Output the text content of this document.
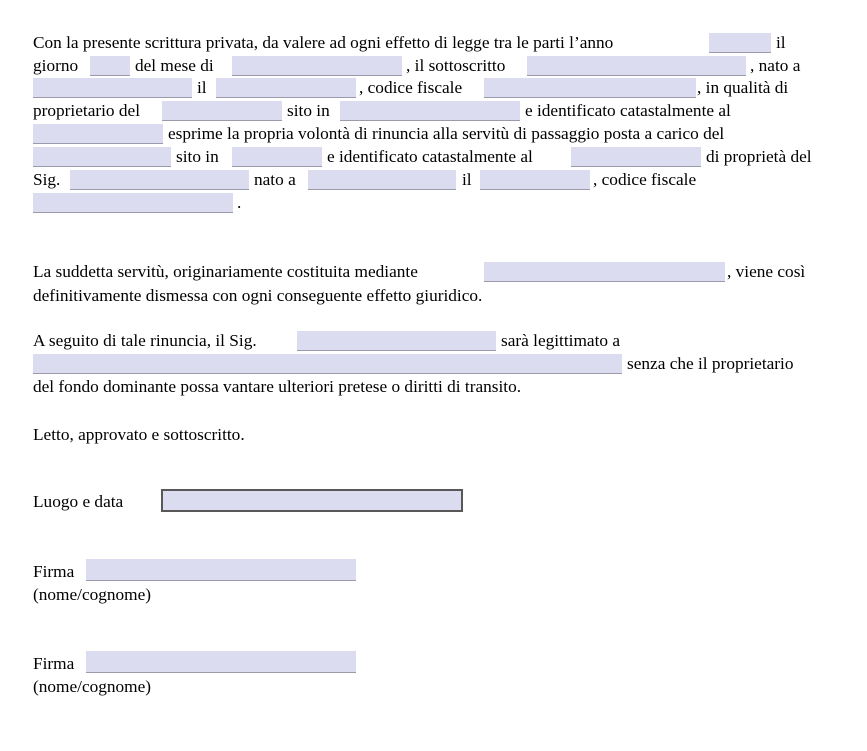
Con la presente scrittura privata, da valere ad ogni effetto di legge tra le parti l’anno	il
giorno	del mese di	, il sottoscritto	, nato a
il	, codice fiscale	, in qualità di
proprietario del	sito in	e identificato catastalmente al
esprime la propria volontà di rinuncia alla servitù di passaggio posta a carico del
sito in	e identificato catastalmente al	di proprietà del
Sig.	nato a	il	, codice fiscale
.
La suddetta servitù, originariamente costituita mediante	, viene così
definitivamente dismessa con ogni conseguente effetto giuridico.
A seguito di tale rinuncia, il Sig.	sarà legittimato a
senza che il proprietario
del fondo dominante possa vantare ulteriori pretese o diritti di transito.
Letto, approvato e sottoscritto.
Luogo e data
Firma
(nome/cognome)
Firma
(nome/cognome)
